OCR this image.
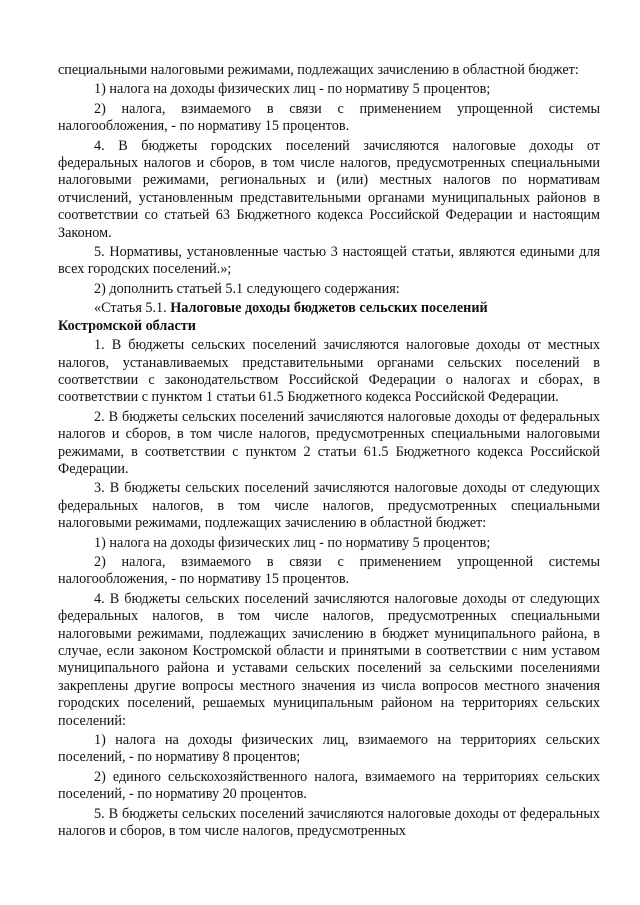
специальными налоговыми режимами, подлежащих зачислению в областной бюджет:

1) налога на доходы физических лиц - по нормативу 5 процентов;

2) налога, взимаемого в связи с применением упрощенной системы налогообложения, - по нормативу 15 процентов.

4. В бюджеты городских поселений зачисляются налоговые доходы от федеральных налогов и сборов, в том числе налогов, предусмотренных специальными налоговыми режимами, региональных и (или) местных налогов по нормативам отчислений, установленным представительными органами муниципальных районов в соответствии со статьей 63 Бюджетного кодекса Российской Федерации и настоящим Законом.

5. Нормативы, установленные частью 3 настоящей статьи, являются едиными для всех городских поселений.»;

2) дополнить статьей 5.1 следующего содержания:

«Статья 5.1. Налоговые доходы бюджетов сельских поселений
Костромской области

1. В бюджеты сельских поселений зачисляются налоговые доходы от местных налогов, устанавливаемых представительными органами сельских поселений в соответствии с законодательством Российской Федерации о налогах и сборах, в соответствии с пунктом 1 статьи 61.5 Бюджетного кодекса Российской Федерации.

2. В бюджеты сельских поселений зачисляются налоговые доходы от федеральных налогов и сборов, в том числе налогов, предусмотренных специальными налоговыми режимами, в соответствии с пунктом 2 статьи 61.5 Бюджетного кодекса Российской Федерации.

3. В бюджеты сельских поселений зачисляются налоговые доходы от следующих федеральных налогов, в том числе налогов, предусмотренных специальными налоговыми режимами, подлежащих зачислению в областной бюджет:

1) налога на доходы физических лиц - по нормативу 5 процентов;

2) налога, взимаемого в связи с применением упрощенной системы налогообложения, - по нормативу 15 процентов.

4. В бюджеты сельских поселений зачисляются налоговые доходы от следующих федеральных налогов, в том числе налогов, предусмотренных специальными налоговыми режимами, подлежащих зачислению в бюджет муниципального района, в случае, если законом Костромской области и принятыми в соответствии с ним уставом муниципального района и уставами сельских поселений за сельскими поселениями закреплены другие вопросы местного значения из числа вопросов местного значения городских поселений, решаемых муниципальным районом на территориях сельских поселений:

1) налога на доходы физических лиц, взимаемого на территориях сельских поселений, - по нормативу 8 процентов;

2) единого сельскохозяйственного налога, взимаемого на территориях сельских поселений, - по нормативу 20 процентов.

5. В бюджеты сельских поселений зачисляются налоговые доходы от федеральных налогов и сборов, в том числе налогов, предусмотренных
